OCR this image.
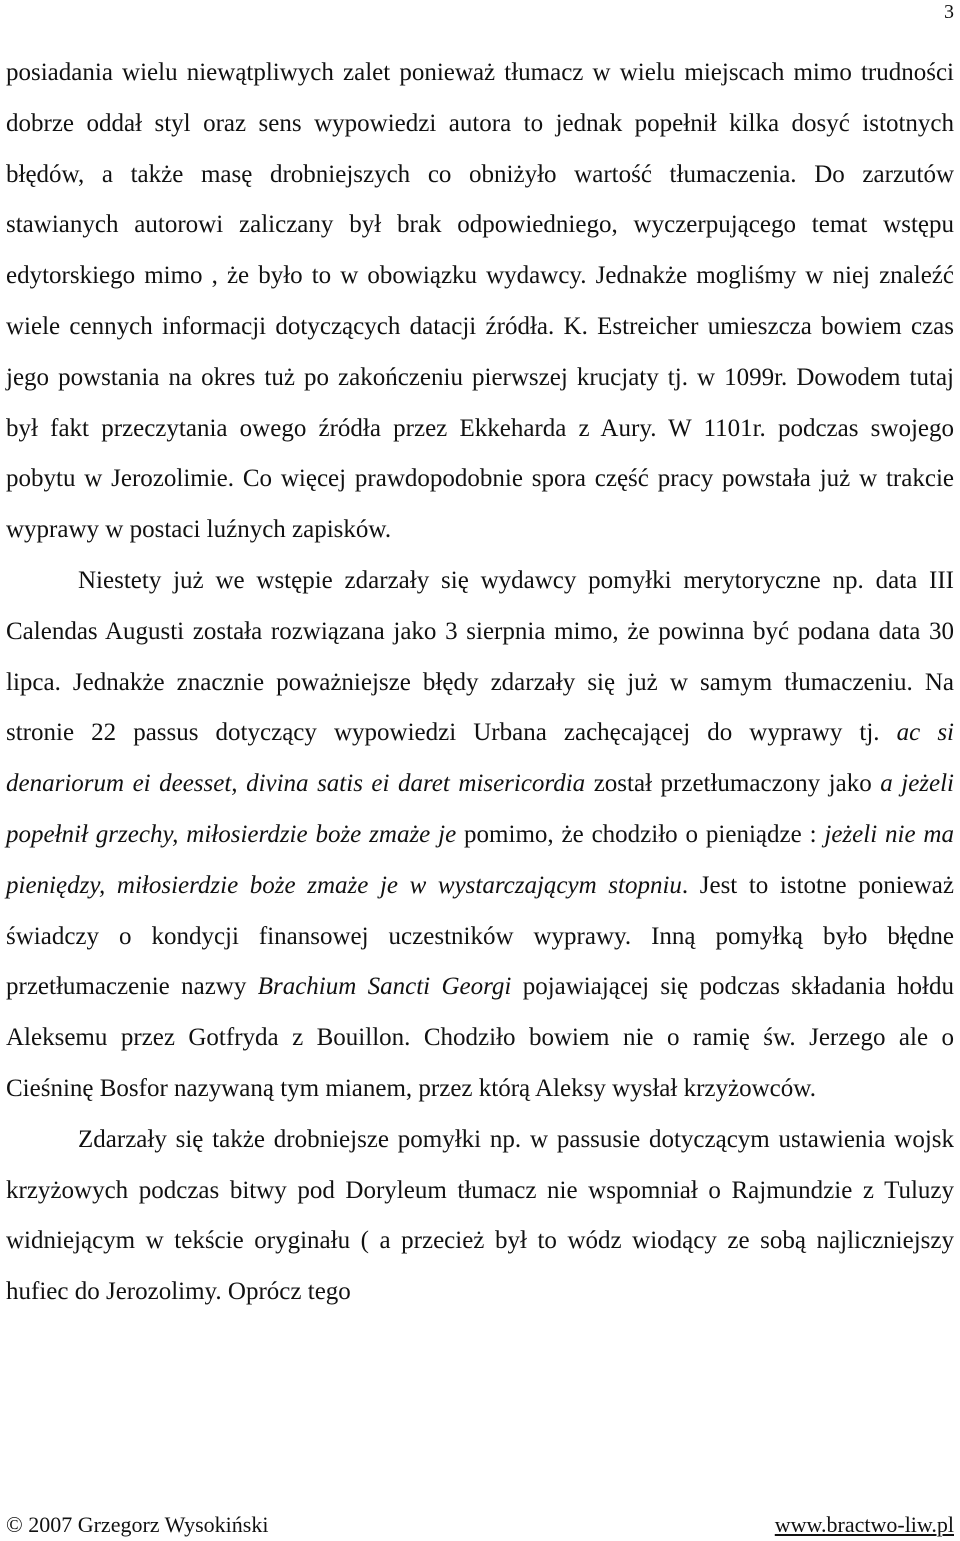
3

posiadania wielu niewątpliwych zalet ponieważ tłumacz w wielu miejscach mimo trudności dobrze oddał styl oraz sens wypowiedzi autora to jednak popełnił kilka dosyć istotnych błędów, a także masę drobniejszych co obniżyło wartość tłumaczenia. Do zarzutów stawianych autorowi zaliczany był brak odpowiedniego, wyczerpującego temat wstępu edytorskiego mimo , że było to w obowiązku wydawcy. Jednakże mogliśmy w niej znaleźć wiele cennych informacji dotyczących datacji źródła. K. Estreicher umieszcza bowiem czas jego powstania na okres tuż po zakończeniu pierwszej krucjaty tj. w 1099r. Dowodem tutaj był fakt przeczytania owego źródła przez Ekkeharda z Aury. W 1101r. podczas swojego pobytu w Jerozolimie. Co więcej prawdopodobnie spora część pracy powstała już w trakcie wyprawy w postaci luźnych zapisków.

Niestety już we wstępie zdarzały się wydawcy pomyłki merytoryczne np. data III Calendas Augusti została rozwiązana jako 3 sierpnia mimo, że powinna być podana data 30 lipca. Jednakże znacznie poważniejsze błędy zdarzały się już w samym tłumaczeniu. Na stronie 22 passus dotyczący wypowiedzi Urbana zachęcającej do wyprawy tj. ac si denariorum ei deesset, divina satis ei daret misericordia został przetłumaczony jako a jeżeli popełnił grzechy, miłosierdzie boże zmaże je pomimo, że chodziło o pieniądze : jeżeli nie ma pieniędzy, miłosierdzie boże zmaże je w wystarczającym stopniu. Jest to istotne ponieważ świadczy o kondycji finansowej uczestników wyprawy. Inną pomyłką było błędne przetłumaczenie nazwy Brachium Sancti Georgi pojawiającej się podczas składania hołdu Aleksemu przez Gotfryda z Bouillon. Chodziło bowiem nie o ramię św. Jerzego ale o Cieśninę Bosfor nazywaną tym mianem, przez którą Aleksy wysłał krzyżowców.

Zdarzały się także drobniejsze pomyłki np. w passusie dotyczącym ustawienia wojsk krzyżowych podczas bitwy pod Doryleum tłumacz nie wspomniał o Rajmundzie z Tuluzy widniejącym w tekście oryginału ( a przecież był to wódz wiodący ze sobą najliczniejszy hufiec do Jerozolimy. Oprócz tego

© 2007 Grzegorz Wysokiński	www.bractwo-liw.pl
